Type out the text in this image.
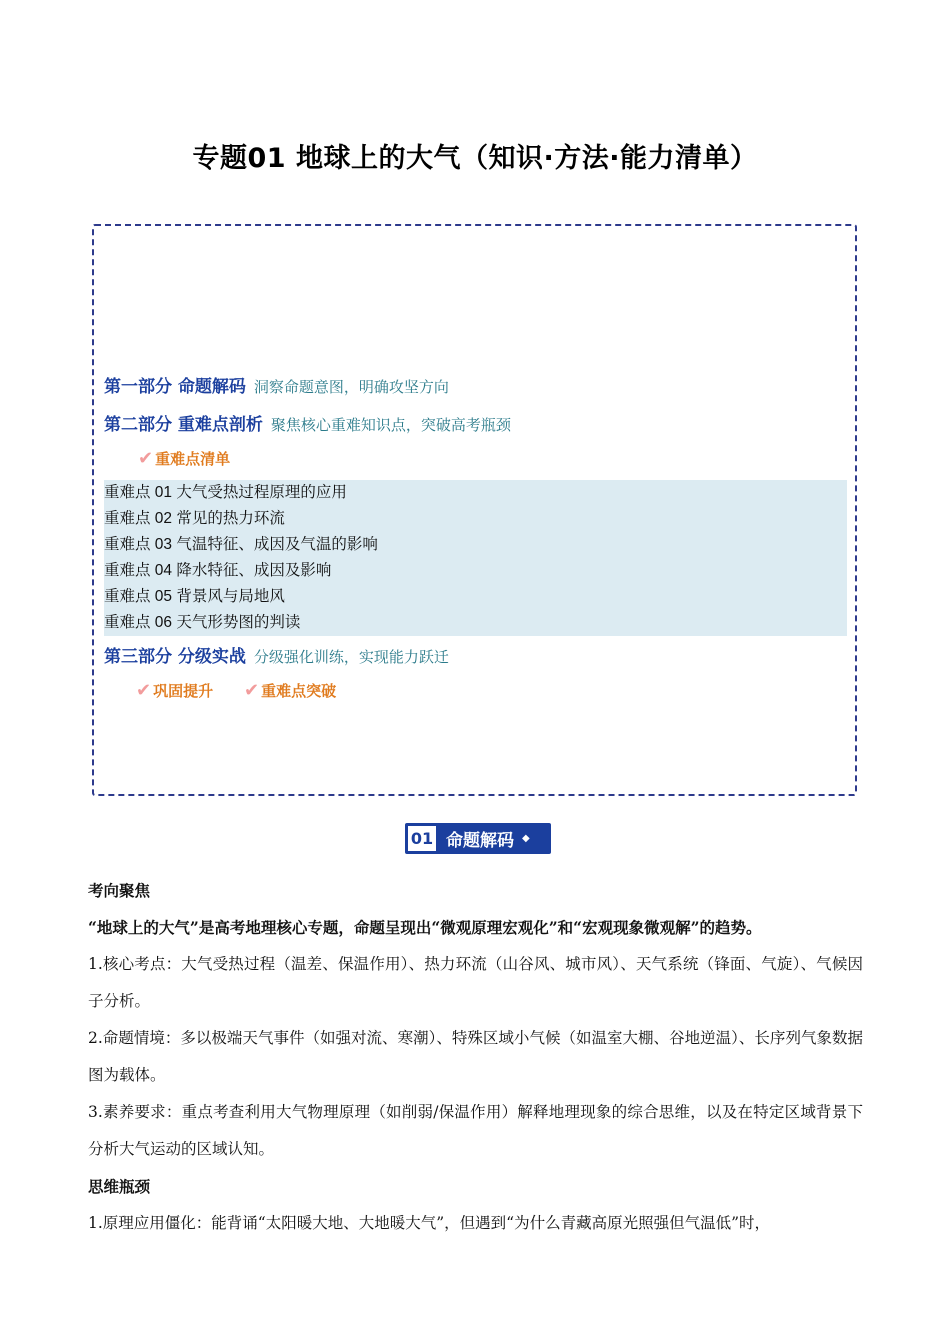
专题01 地球上的大气（知识·方法·能力清单）
第一部分 命题解码 洞察命题意图，明确攻坚方向
第二部分 重难点剖析 聚焦核心重难知识点，突破高考瓶颈
✔ 重难点清单
重难点 01 大气受热过程原理的应用
重难点 02 常见的热力环流
重难点 03 气温特征、成因及气温的影响
重难点 04 降水特征、成因及影响
重难点 05 背景风与局地风
重难点 06 天气形势图的判读
第三部分 分级实战 分级强化训练，实现能力跃迁
✔ 巩固提升 ✔ 重难点突破
01 命题解码 ◆
考向聚焦
“地球上的大气”是高考地理核心专题，命题呈现出“微观原理宏观化”和“宏观现象微观解”的趋势。
1.核心考点：大气受热过程（温差、保温作用）、热力环流（山谷风、城市风）、天气系统（锋面、气旋）、气候因子分析。
2.命题情境：多以极端天气事件（如强对流、寒潮）、特殊区域小气候（如温室大棚、谷地逆温）、长序列气象数据图为载体。
3.素养要求：重点考查利用大气物理原理（如削弱/保温作用）解释地理现象的综合思维，以及在特定区域背景下分析大气运动的区域认知。
思维瓶颈
1.原理应用僵化：能背诵“太阳暖大地、大地暖大气”，但遇到“为什么青藏高原光照强但气温低”时，
